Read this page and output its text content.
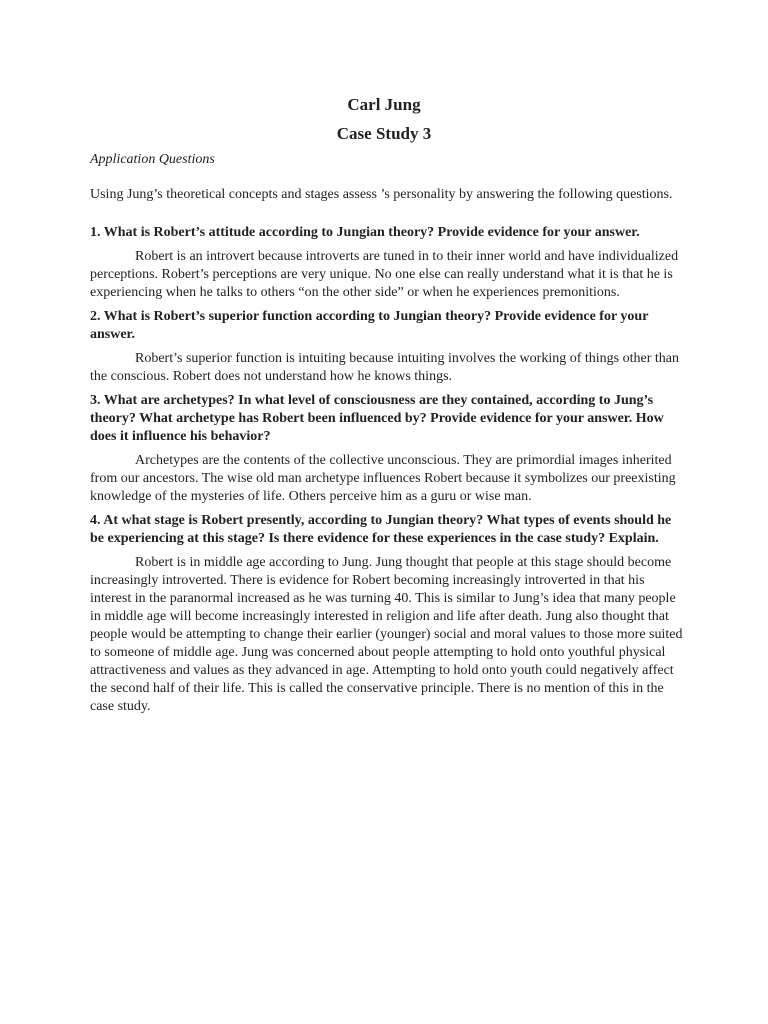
Carl Jung
Case Study 3

Application Questions

Using Jung’s theoretical concepts and stages assess ’s personality by answering the following questions.

1. What is Robert’s attitude according to Jungian theory? Provide evidence for your answer.

Robert is an introvert because introverts are tuned in to their inner world and have individualized perceptions. Robert’s perceptions are very unique. No one else can really understand what it is that he is experiencing when he talks to others “on the other side” or when he experiences premonitions.

2. What is Robert’s superior function according to Jungian theory? Provide evidence for your answer.

Robert’s superior function is intuiting because intuiting involves the working of things other than the conscious. Robert does not understand how he knows things.

3. What are archetypes? In what level of consciousness are they contained, according to Jung’s theory? What archetype has Robert been influenced by? Provide evidence for your answer. How does it influence his behavior?

Archetypes are the contents of the collective unconscious. They are primordial images inherited from our ancestors. The wise old man archetype influences Robert because it symbolizes our preexisting knowledge of the mysteries of life. Others perceive him as a guru or wise man.

4. At what stage is Robert presently, according to Jungian theory? What types of events should he be experiencing at this stage? Is there evidence for these experiences in the case study? Explain.

Robert is in middle age according to Jung. Jung thought that people at this stage should become increasingly introverted. There is evidence for Robert becoming increasingly introverted in that his interest in the paranormal increased as he was turning 40. This is similar to Jung’s idea that many people in middle age will become increasingly interested in religion and life after death. Jung also thought that people would be attempting to change their earlier (younger) social and moral values to those more suited to someone of middle age. Jung was concerned about people attempting to hold onto youthful physical attractiveness and values as they advanced in age. Attempting to hold onto youth could negatively affect the second half of their life. This is called the conservative principle. There is no mention of this in the case study.
